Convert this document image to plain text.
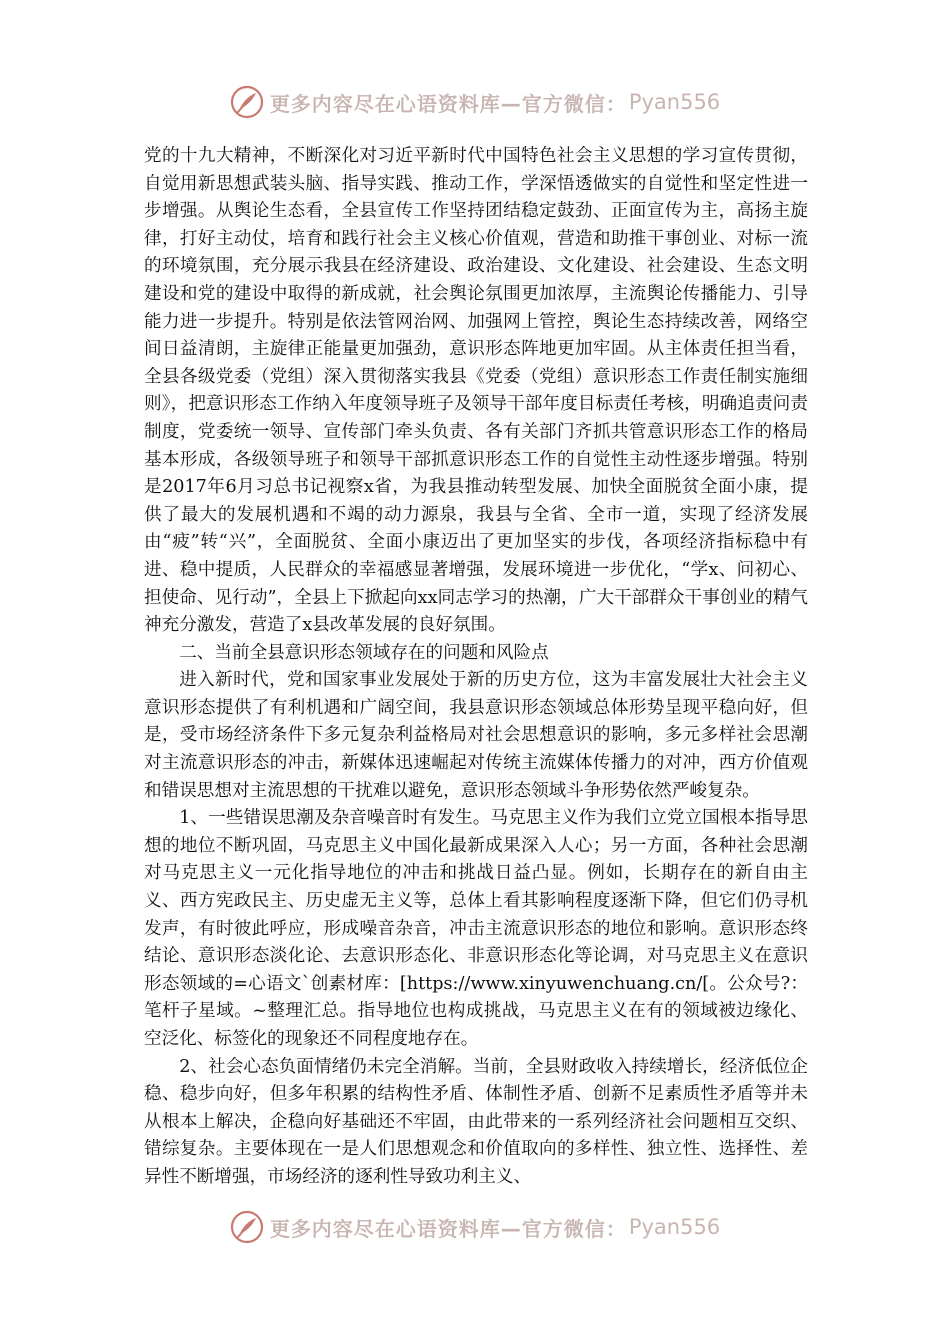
更多内容尽在心语资料库—官方微信： Pyan556

党的十九大精神，不断深化对习近平新时代中国特色社会主义思想的学习宣传贯彻，自觉用新思想武装头脑、指导实践、推动工作，学深悟透做实的自觉性和坚定性进一步增强。从舆论生态看，全县宣传工作坚持团结稳定鼓劲、正面宣传为主，高扬主旋律，打好主动仗，培育和践行社会主义核心价值观，营造和助推干事创业、对标一流的环境氛围，充分展示我县在经济建设、政治建设、文化建设、社会建设、生态文明建设和党的建设中取得的新成就，社会舆论氛围更加浓厚，主流舆论传播能力、引导能力进一步提升。特别是依法管网治网、加强网上管控，舆论生态持续改善，网络空间日益清朗，主旋律正能量更加强劲，意识形态阵地更加牢固。从主体责任担当看，全县各级党委（党组）深入贯彻落实我县《党委（党组）意识形态工作责任制实施细则》，把意识形态工作纳入年度领导班子及领导干部年度目标责任考核，明确追责问责制度，党委统一领导、宣传部门牵头负责、各有关部门齐抓共管意识形态工作的格局基本形成，各级领导班子和领导干部抓意识形态工作的自觉性主动性逐步增强。特别是2017年6月习总书记视察x省，为我县推动转型发展、加快全面脱贫全面小康，提供了最大的发展机遇和不竭的动力源泉，我县与全省、全市一道，实现了经济发展由“疲”转“兴”，全面脱贫、全面小康迈出了更加坚实的步伐，各项经济指标稳中有进、稳中提质，人民群众的幸福感显著增强，发展环境进一步优化，“学x、问初心、担使命、见行动”，全县上下掀起向xx同志学习的热潮，广大干部群众干事创业的精气神充分激发，营造了x县改革发展的良好氛围。

二、当前全县意识形态领域存在的问题和风险点

进入新时代，党和国家事业发展处于新的历史方位，这为丰富发展壮大社会主义意识形态提供了有利机遇和广阔空间，我县意识形态领域总体形势呈现平稳向好，但是，受市场经济条件下多元复杂利益格局对社会思想意识的影响，多元多样社会思潮对主流意识形态的冲击，新媒体迅速崛起对传统主流媒体传播力的对冲，西方价值观和错误思想对主流思想的干扰难以避免，意识形态领域斗争形势依然严峻复杂。

1、一些错误思潮及杂音噪音时有发生。马克思主义作为我们立党立国根本指导思想的地位不断巩固，马克思主义中国化最新成果深入人心；另一方面，各种社会思潮对马克思主义一元化指导地位的冲击和挑战日益凸显。例如，长期存在的新自由主义、西方宪政民主、历史虚无主义等，总体上看其影响程度逐渐下降，但它们仍寻机发声，有时彼此呼应，形成噪音杂音，冲击主流意识形态的地位和影响。意识形态终结论、意识形态淡化论、去意识形态化、非意识形态化等论调，对马克思主义在意识形态领域的=心语文`创素材库：[https://www.xinyuwenchuang.cn/[。公众号?：笔杆子星域。~整理汇总。指导地位也构成挑战，马克思主义在有的领域被边缘化、空泛化、标签化的现象还不同程度地存在。

2、社会心态负面情绪仍未完全消解。当前，全县财政收入持续增长，经济低位企稳、稳步向好，但多年积累的结构性矛盾、体制性矛盾、创新不足素质性矛盾等并未从根本上解决，企稳向好基础还不牢固，由此带来的一系列经济社会问题相互交织、错综复杂。主要体现在一是人们思想观念和价值取向的多样性、独立性、选择性、差异性不断增强，市场经济的逐利性导致功利主义、

更多内容尽在心语资料库—官方微信： Pyan556
